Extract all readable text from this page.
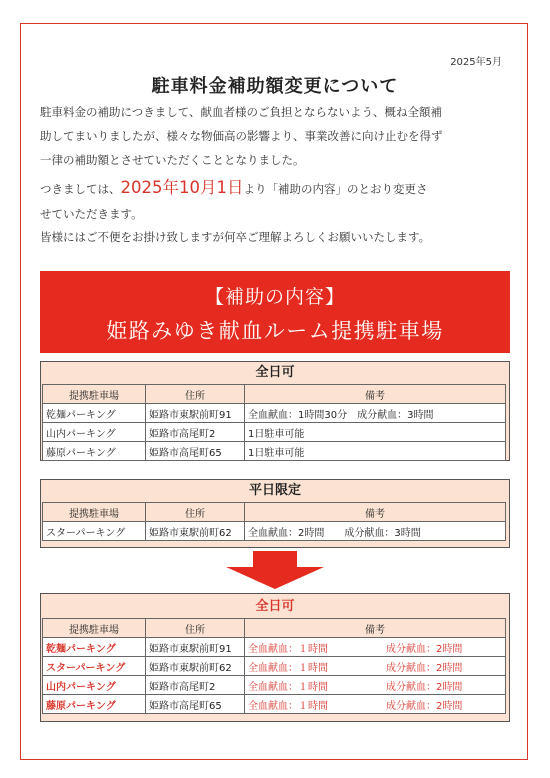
2025年5月
駐車料金補助額変更について
駐車料金の補助につきまして、献血者様のご負担とならないよう、概ね全額補
助してまいりましたが、様々な物価高の影響より、事業改善に向け止むを得ず
一律の補助額とさせていただくこととなりました。
つきましては、2025年10月1日より「補助の内容」のとおり変更さ
せていただきます。
皆様にはご不便をお掛け致しますが何卒ご理解よろしくお願いいたします。
【補助の内容】
姫路みゆき献血ルーム提携駐車場
全日可
提携駐車場	住所	備考
乾麺パーキング	姫路市東駅前町91	全血献血：1時間30分　成分献血：3時間
山内パーキング	姫路市高尾町2	1日駐車可能
藤原パーキング	姫路市高尾町65	1日駐車可能
平日限定
提携駐車場	住所	備考
スターパーキング	姫路市東駅前町62	全血献血：2時間　　成分献血：3時間
全日可
提携駐車場	住所	備考
乾麺パーキング	姫路市東駅前町91	全血献血：１時間 成分献血：2時間
スターパーキング	姫路市東駅前町62	全血献血：１時間 成分献血：2時間
山内パーキング	姫路市高尾町2	全血献血：１時間 成分献血：2時間
藤原パーキング	姫路市高尾町65	全血献血：１時間 成分献血：2時間
